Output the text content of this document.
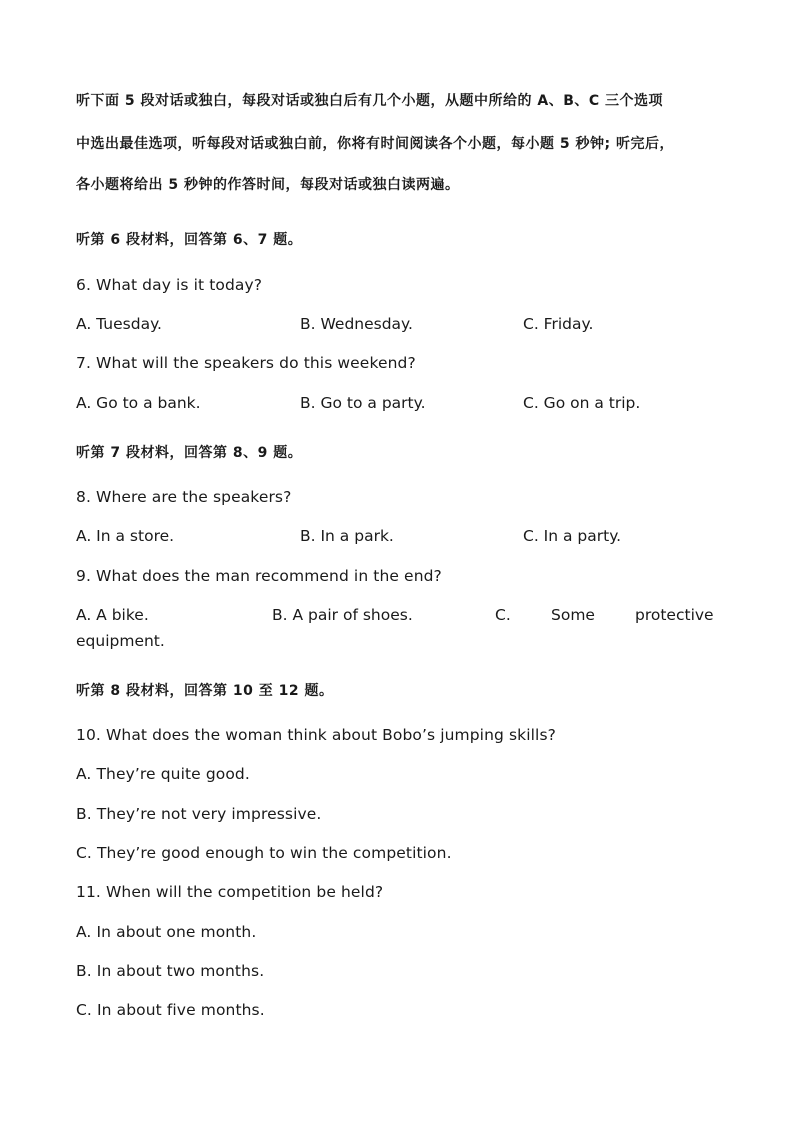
听下面 5 段对话或独白，每段对话或独白后有几个小题，从题中所给的 A、B、C 三个选项
中选出最佳选项，听每段对话或独白前，你将有时间阅读各个小题，每小题 5 秒钟; 听完后，
各小题将给出 5 秒钟的作答时间，每段对话或独白读两遍。
听第 6 段材料，回答第 6、7 题。
6. What day is it today?
A. Tuesday.	B. Wednesday.	C. Friday.
7. What will the speakers do this weekend?
A. Go to a bank.	B. Go to a party.	C. Go on a trip.
听第 7 段材料，回答第 8、9 题。
8. Where are the speakers?
A. In a store.	B. In a park.	C. In a party.
9. What does the man recommend in the end?
A. A bike.	B. A pair of shoes.	C.	Some	protective
equipment.
听第 8 段材料，回答第 10 至 12 题。
10. What does the woman think about Bobo’s jumping skills?
A. They’re quite good.
B. They’re not very impressive.
C. They’re good enough to win the competition.
11. When will the competition be held?
A. In about one month.
B. In about two months.
C. In about five months.
